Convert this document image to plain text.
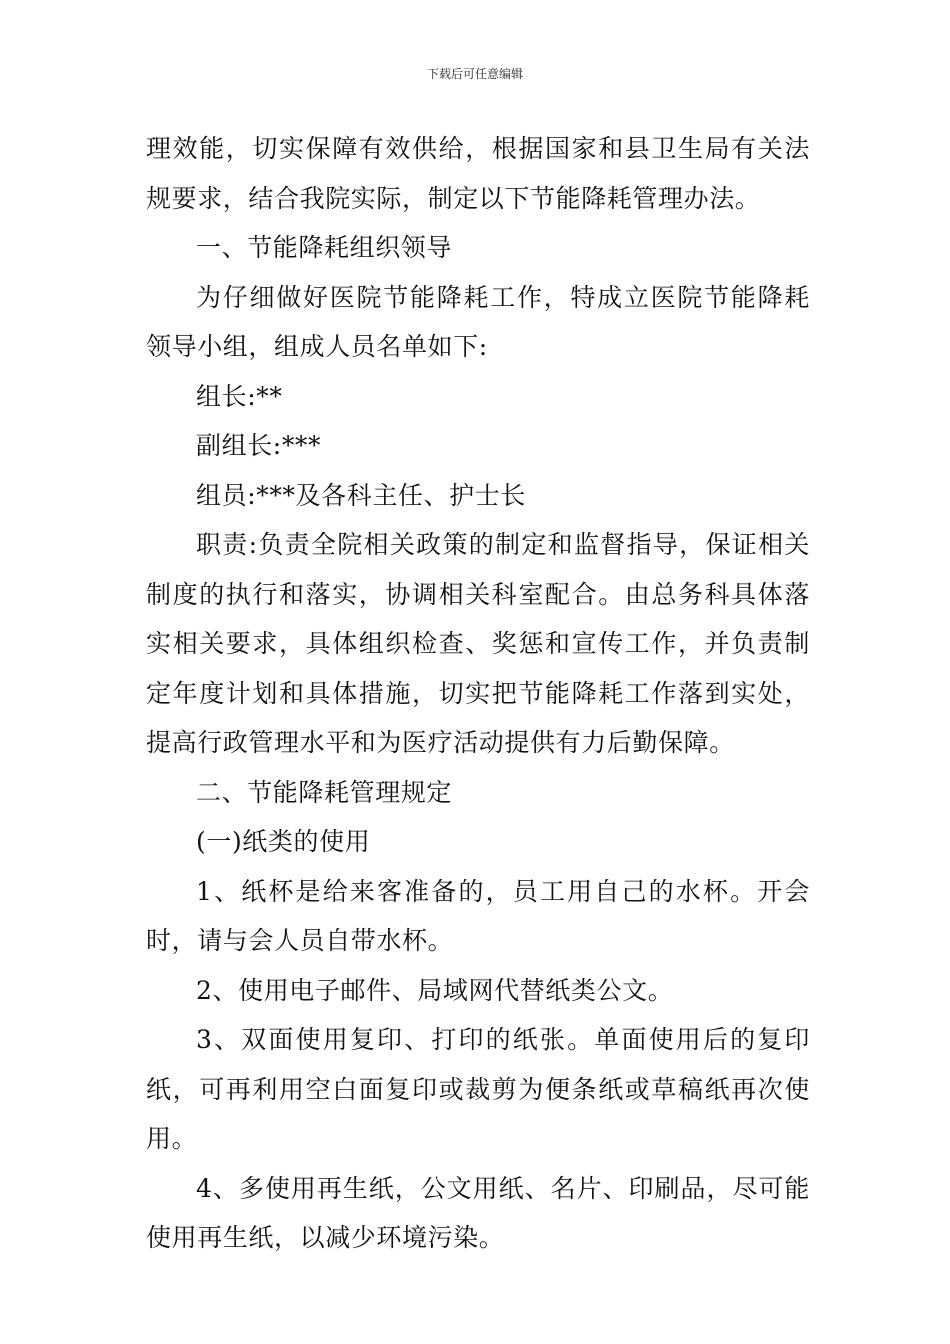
下载后可任意编辑

理效能，切实保障有效供给，根据国家和县卫生局有关法规要求，结合我院实际，制定以下节能降耗管理办法。

一、节能降耗组织领导

为仔细做好医院节能降耗工作，特成立医院节能降耗领导小组，组成人员名单如下:

组长:**

副组长:***

组员:***及各科主任、护士长

职责:负责全院相关政策的制定和监督指导，保证相关制度的执行和落实，协调相关科室配合。由总务科具体落实相关要求，具体组织检查、奖惩和宣传工作，并负责制定年度计划和具体措施，切实把节能降耗工作落到实处，提高行政管理水平和为医疗活动提供有力后勤保障。

二、节能降耗管理规定

(一)纸类的使用

1、纸杯是给来客准备的，员工用自己的水杯。开会时，请与会人员自带水杯。

2、使用电子邮件、局域网代替纸类公文。

3、双面使用复印、打印的纸张。单面使用后的复印纸，可再利用空白面复印或裁剪为便条纸或草稿纸再次使用。

4、多使用再生纸，公文用纸、名片、印刷品，尽可能使用再生纸，以减少环境污染。
